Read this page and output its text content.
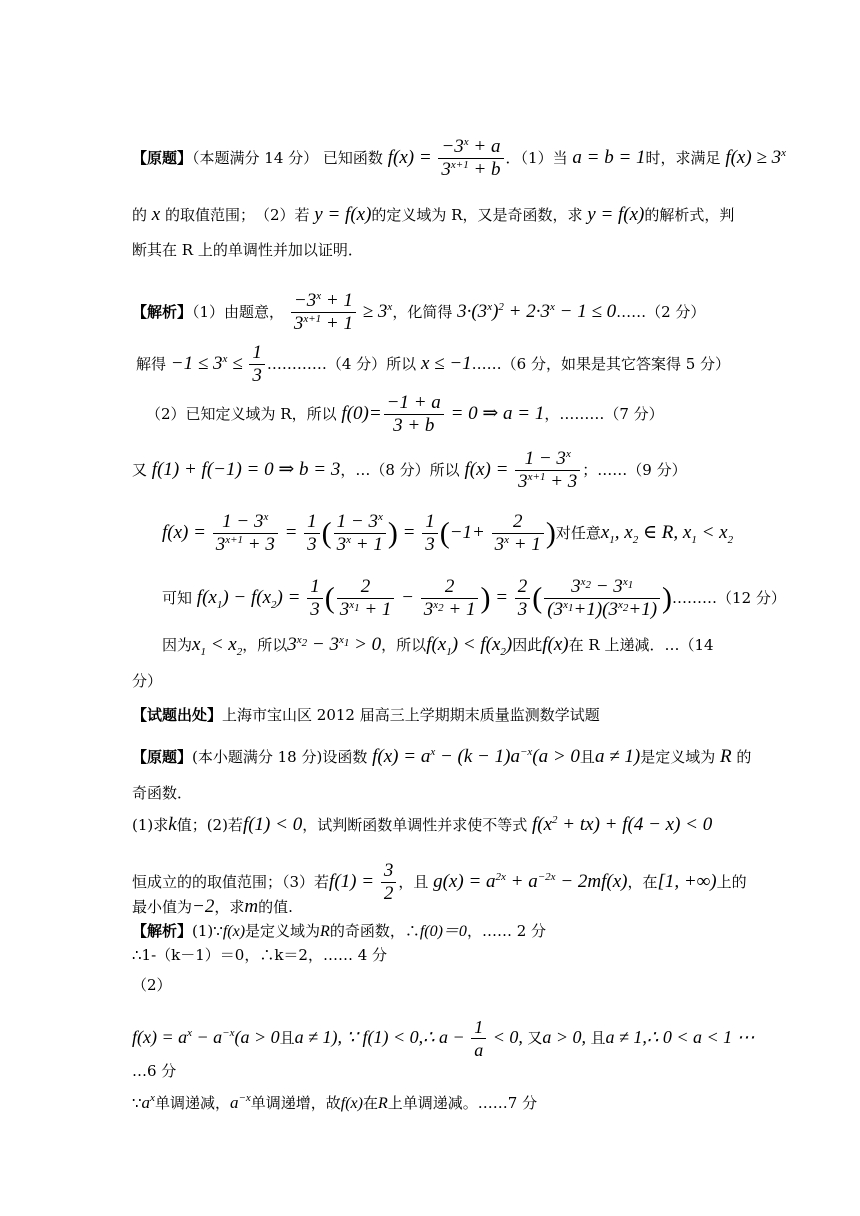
【原题】（本题满分 14 分） 已知函数 $f(x) = \frac{-3^x + a}{3^{x+1} + b}$ ．（1）当 a = b = 1时，求满足 $f(x) \ge 3^x$
的 x 的取值范围；　（2）若 y = f(x)的定义域为 R，又是奇函数，求 y = f(x)的解析式，判
断其在 R 上的单调性并加以证明．
【解析】（1）由题意， $\frac{-3^x + 1}{3^{x+1} + 1} \ge 3^x$，化简得 $3\cdot(3^x)^2 + 2\cdot 3^x - 1$ ≤ 0……（2 分）
解得 $-1 \le 3^x \le \frac{1}{3}$ …………（4 分）所以 x ≤ −1……（6 分，如果是其它答案得 5 分）
（2）已知定义域为 R，所以 $f(0)= \frac{-1 + a}{3 + b} = 0$ ⇒ a = 1，………（7 分）
又 f(1) + f(−1) = 0 ⇒ b = 3，…（8 分）所以 $f(x) = \frac{1 - 3^x}{3^{x+1} + 3}$ ；……（9 分）
$f(x) = \frac{1 - 3^x}{3^{x+1} + 3} = \frac{1}{3}$ ( $\frac{1 - 3^x}{3^x + 1}$ ) = $\frac{1}{3} (-1+ \frac{2}{3^x + 1}$ )对任意$x_1$, $x_2$ ∈ R, $x_1 < x_2$
可知 $f(x_1) - f(x_2) = \frac{1}{3}$ ( $\frac{2}{3^{x_1} + 1} - \frac{2}{3^{x_2} + 1}$ ) = $\frac{2}{3}$ ( $\frac{3^{x_2} - 3^{x_1}}{(3^{x_1}+1)(3^{x_2}+1)}$ )………（12 分）
因为$x_1 < x_2$，所以$3^{x_2} - 3^{x_1} > 0$，所以$f(x_1) < f(x_2)$因此f(x)在 R 上递减．…（14
分）
【试题出处】上海市宝山区 2012 届高三上学期期末质量监测数学试题
【原题】(本小题满分 18 分)设函数 $f(x) = a^x - (k - 1)a^{-x}(a > 0$且a ≠ 1)是定义域为 R 的
奇函数．
(1)求k值；(2)若f(1) < 0，试判断函数单调性并求使不等式 $f(x^2 + tx) + f(4 - x) < 0$
恒成立的的取值范围；（3）若$f(1) = \frac{3}{2}$ ，且 $g(x) = a^{2x} + a^{-2x} - 2mf(x)$，在[1, +∞)上的
最小值为−2，求m的值.
【解析】(1)∵f(x)是定义域为R的奇函数，∴f(0)＝0，…… 2 分
∴1-（k－1）＝0，∴k＝2，…… 4 分
（2）
$f(x) = a^x - a^{-x}(a > 0$且a ≠ 1), ∵ f(1) < 0,∴ $a - \frac{1}{a} < 0$, 又a > 0, 且a ≠ 1,∴ 0 < a < 1 ⋯
…6 分
$\because a^x$单调递减，$a^{-x}$单调递增，故f(x)在R上单调递减。……7 分
